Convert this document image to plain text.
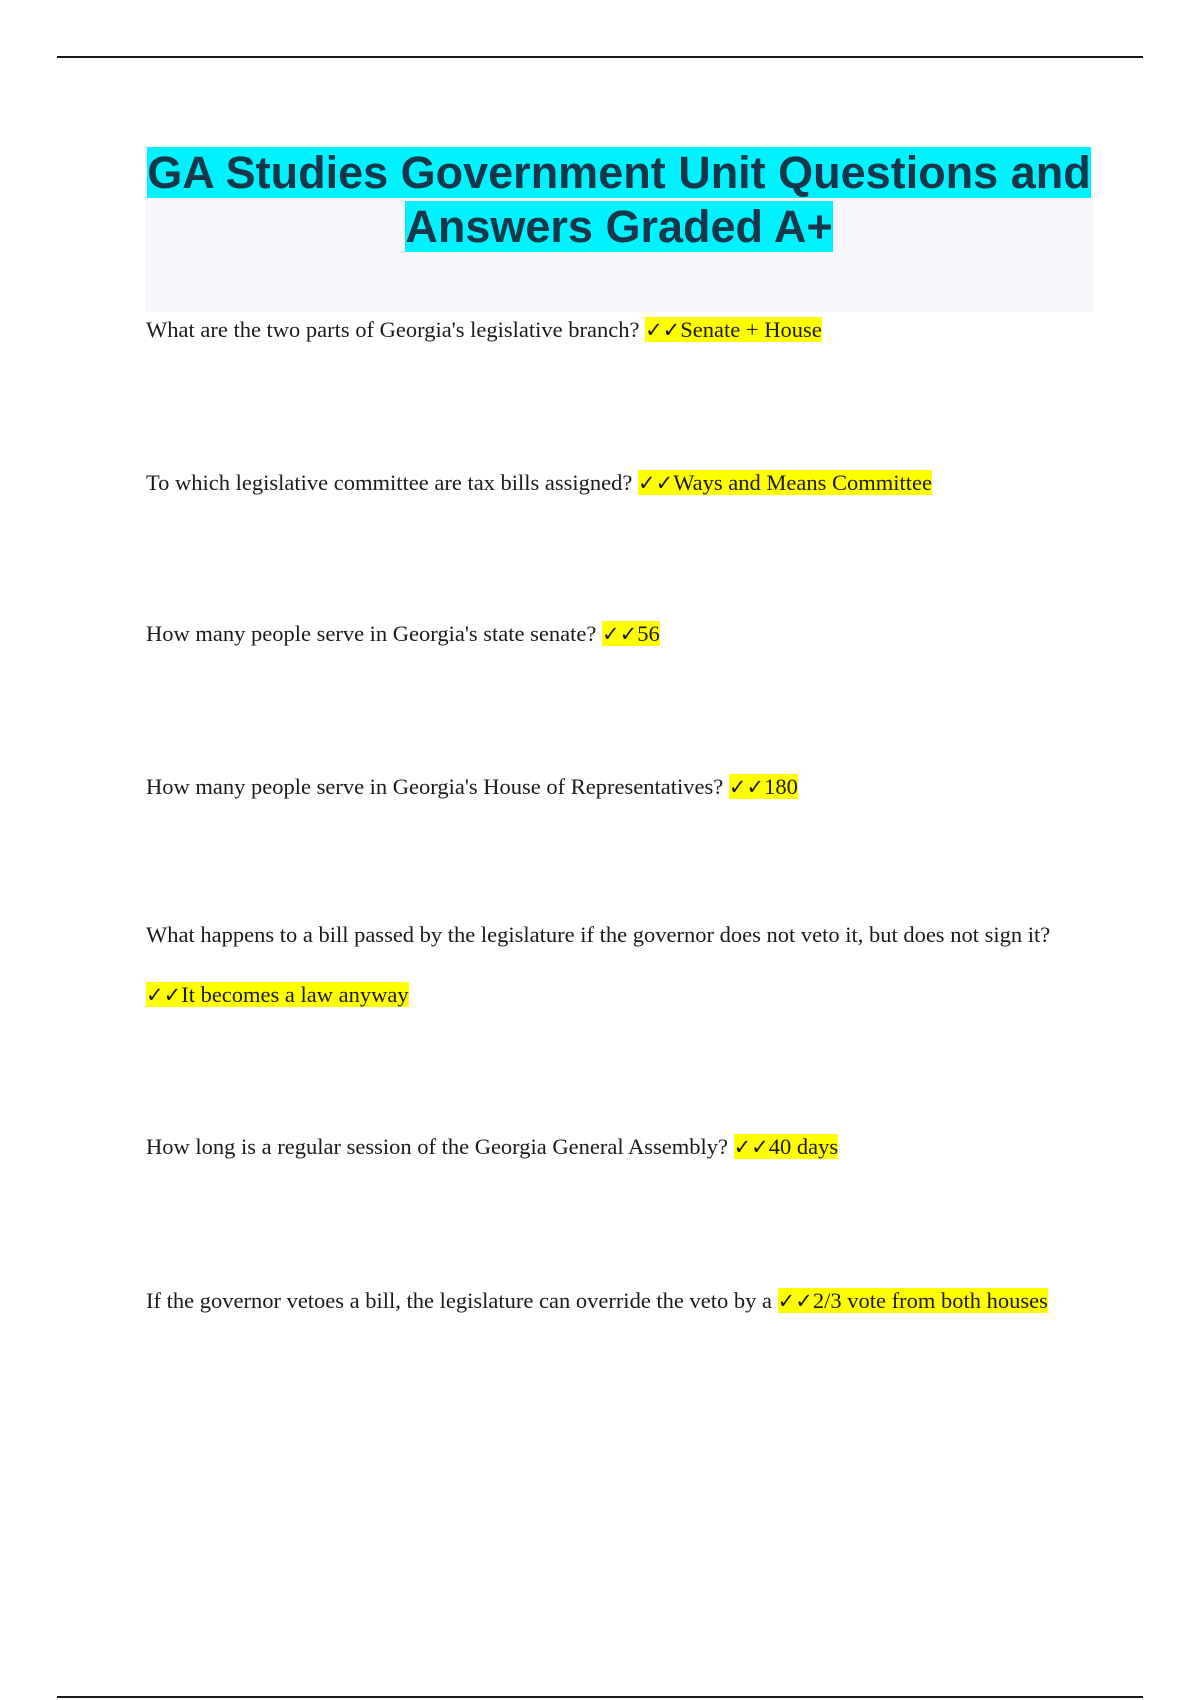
GA Studies Government Unit Questions and Answers Graded A+

What are the two parts of Georgia's legislative branch? ✓✓Senate + House

To which legislative committee are tax bills assigned? ✓✓Ways and Means Committee

How many people serve in Georgia's state senate? ✓✓56

How many people serve in Georgia's House of Representatives? ✓✓180

What happens to a bill passed by the legislature if the governor does not veto it, but does not sign it? ✓✓It becomes a law anyway

How long is a regular session of the Georgia General Assembly? ✓✓40 days

If the governor vetoes a bill, the legislature can override the veto by a ✓✓2/3 vote from both houses
